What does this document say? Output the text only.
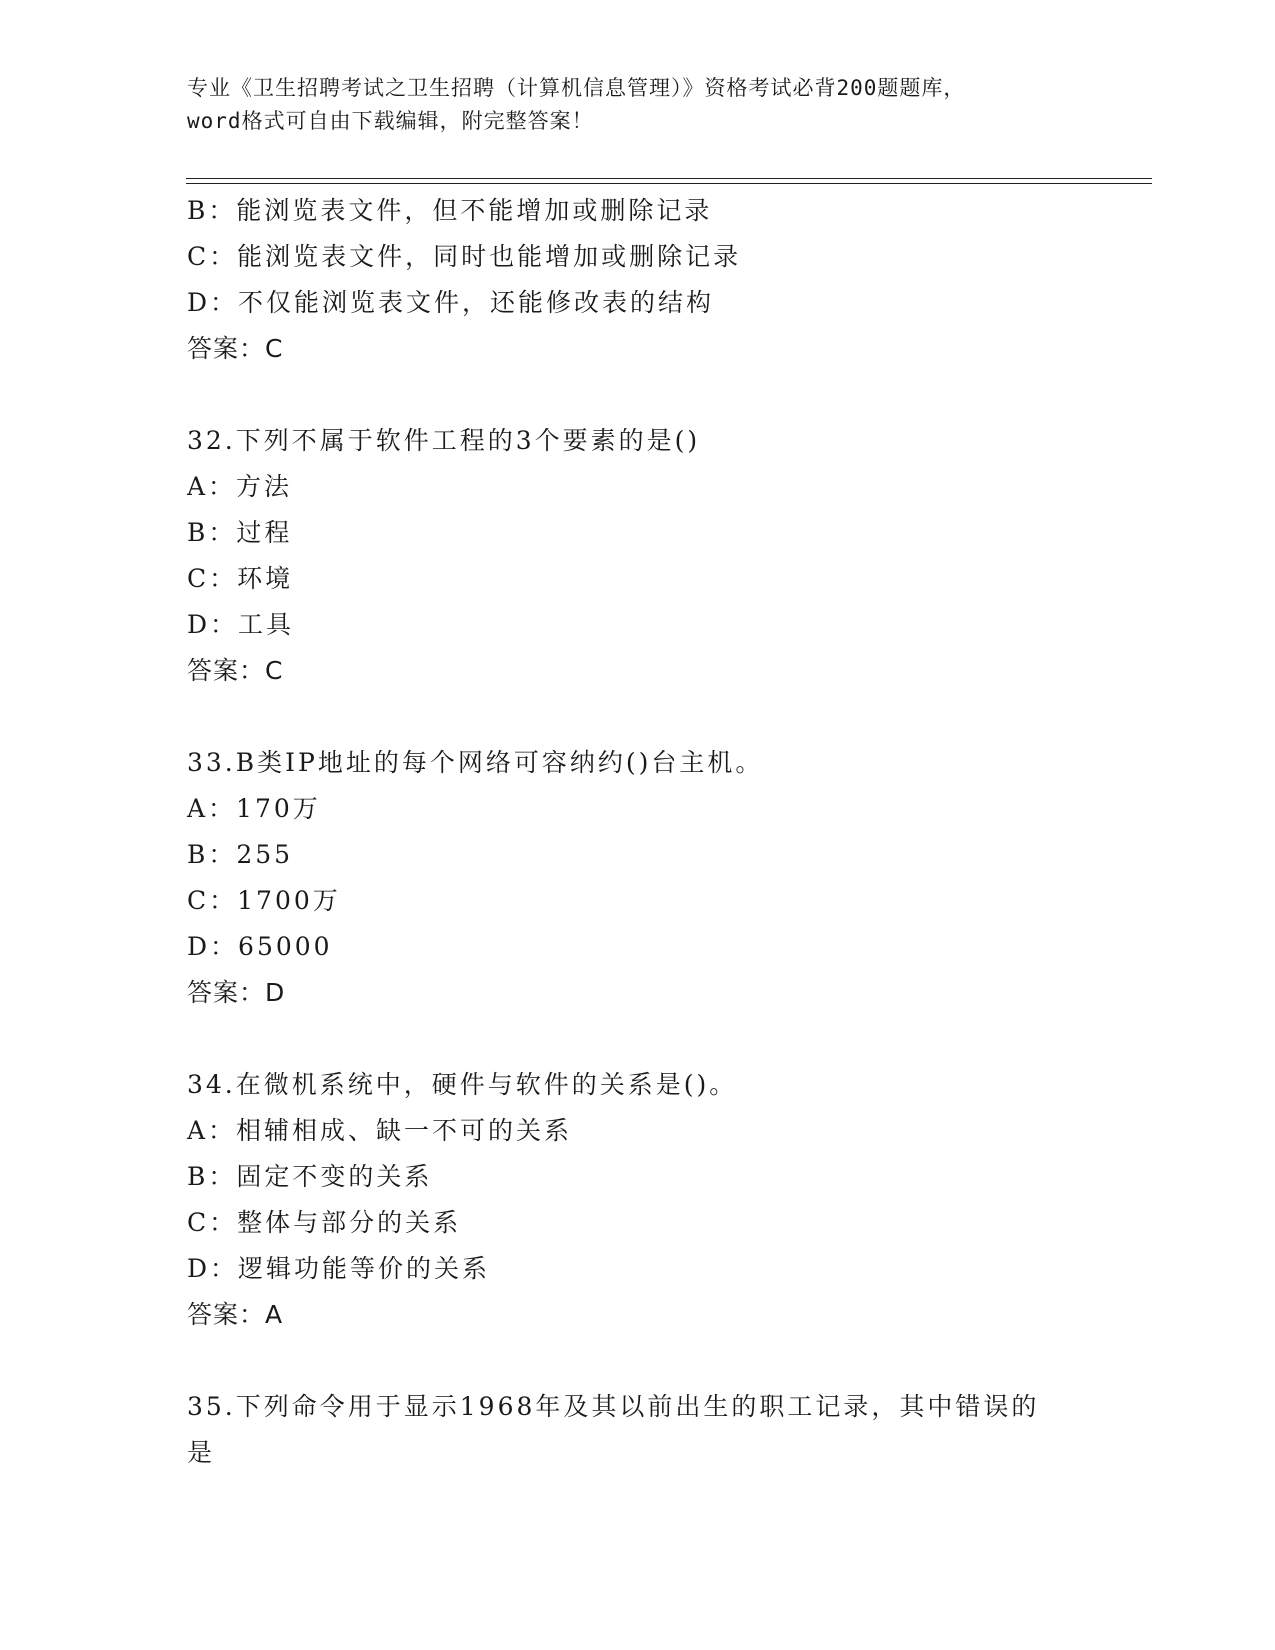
专业《卫生招聘考试之卫生招聘（计算机信息管理）》资格考试必背200题题库，
word格式可自由下载编辑，附完整答案！
B：能浏览表文件，但不能增加或删除记录
C：能浏览表文件，同时也能增加或删除记录
D：不仅能浏览表文件，还能修改表的结构
答案：C
32.下列不属于软件工程的3个要素的是()
A：方法
B：过程
C：环境
D：工具
答案：C
33.B类IP地址的每个网络可容纳约()台主机。
A：170万
B：255
C：1700万
D：65000
答案：D
34.在微机系统中，硬件与软件的关系是()。
A：相辅相成、缺一不可的关系
B：固定不变的关系
C：整体与部分的关系
D：逻辑功能等价的关系
答案：A
35.下列命令用于显示1968年及其以前出生的职工记录，其中错误的
是
